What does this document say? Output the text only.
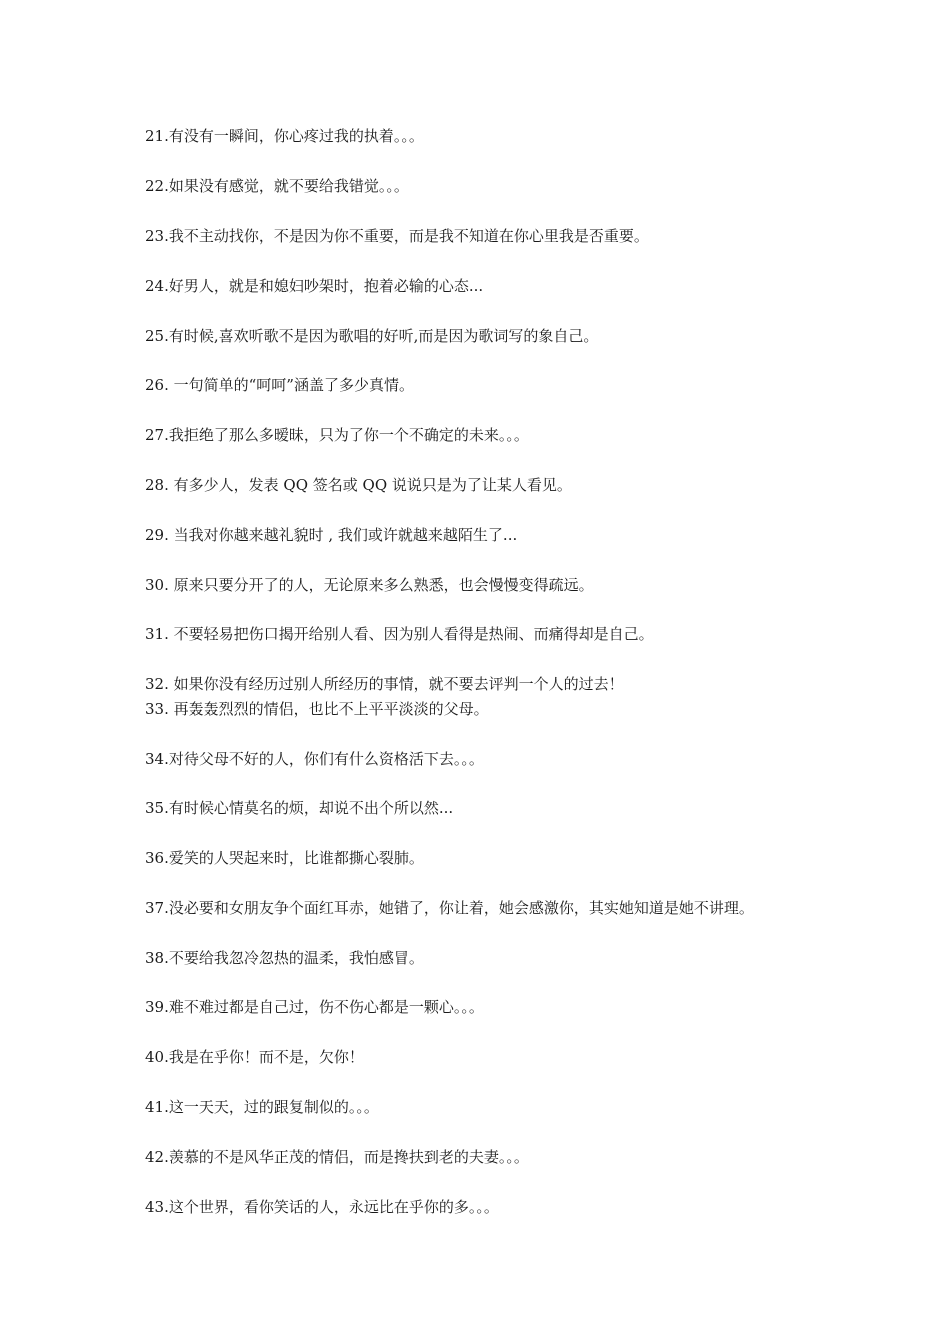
21.有没有一瞬间，你心疼过我的执着。。。
22.如果没有感觉，就不要给我错觉。。。
23.我不主动找你，不是因为你不重要，而是我不知道在你心里我是否重要。
24.好男人，就是和媳妇吵架时，抱着必输的心态...
25.有时候,喜欢听歌不是因为歌唱的好听,而是因为歌词写的象自己。
26. 一句简单的“呵呵”涵盖了多少真情。
27.我拒绝了那么多暧昧，只为了你一个不确定的未来。。。
28. 有多少人，发表 QQ 签名或 QQ 说说只是为了让某人看见。
29. 当我对你越来越礼貌时 , 我们或许就越来越陌生了...
30. 原来只要分开了的人，无论原来多么熟悉，也会慢慢变得疏远。
31. 不要轻易把伤口揭开给别人看、因为别人看得是热闹、而痛得却是自己。
32. 如果你没有经历过别人所经历的事情，就不要去评判一个人的过去！
33. 再轰轰烈烈的情侣，也比不上平平淡淡的父母。
34.对待父母不好的人，你们有什么资格活下去。。。
35.有时候心情莫名的烦，却说不出个所以然...
36.爱笑的人哭起来时，比谁都撕心裂肺。
37.没必要和女朋友争个面红耳赤，她错了，你让着，她会感激你，其实她知道是她不讲理。
38.不要给我忽冷忽热的温柔，我怕感冒。
39.难不难过都是自己过，伤不伤心都是一颗心。。。
40.我是在乎你！而不是，欠你！
41.这一天天，过的跟复制似的。。。
42.羡慕的不是风华正茂的情侣，而是搀扶到老的夫妻。。。
43.这个世界，看你笑话的人，永远比在乎你的多。。。
